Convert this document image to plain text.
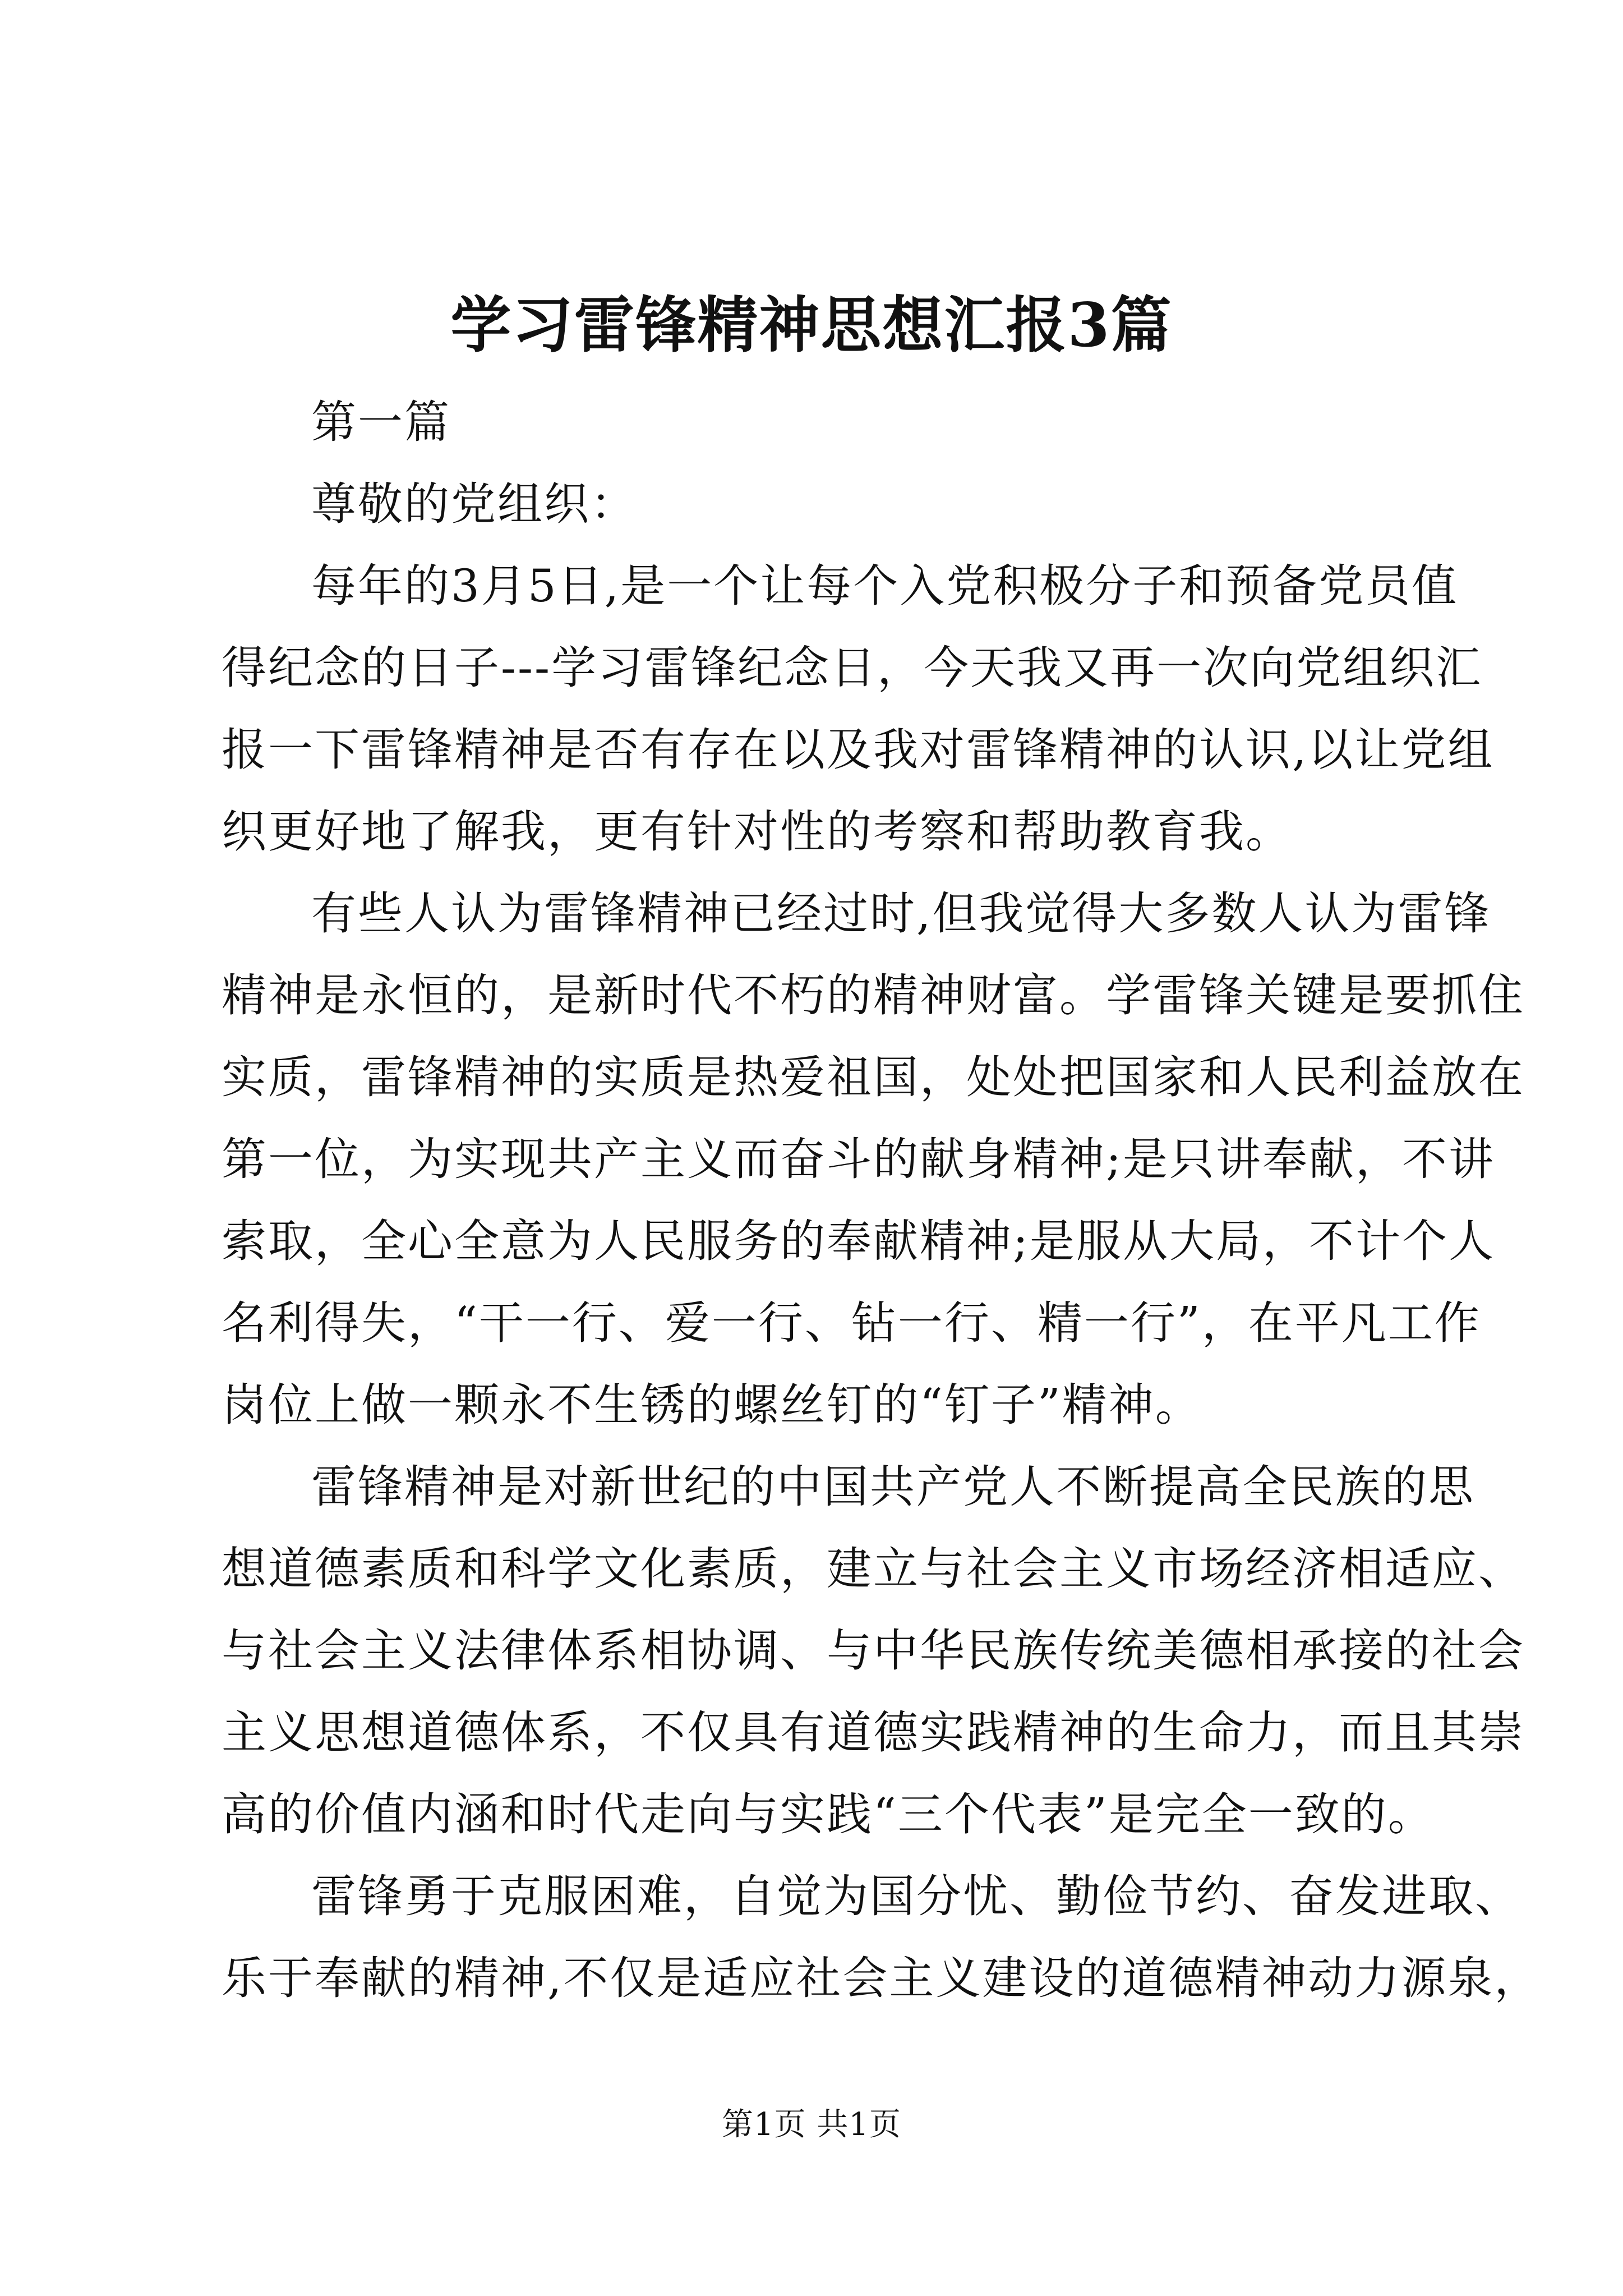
学习雷锋精神思想汇报3篇

第一篇

尊敬的党组织：

每年的3月5日,是一个让每个入党积极分子和预备党员值

得纪念的日子---学习雷锋纪念日，今天我又再一次向党组织汇

报一下雷锋精神是否有存在以及我对雷锋精神的认识,以让党组

织更好地了解我，更有针对性的考察和帮助教育我。

有些人认为雷锋精神已经过时,但我觉得大多数人认为雷锋

精神是永恒的，是新时代不朽的精神财富。学雷锋关键是要抓住

实质，雷锋精神的实质是热爱祖国，处处把国家和人民利益放在

第一位，为实现共产主义而奋斗的献身精神;是只讲奉献，不讲

索取，全心全意为人民服务的奉献精神;是服从大局，不计个人

名利得失，“干一行、爱一行、钻一行、精一行”，在平凡工作

岗位上做一颗永不生锈的螺丝钉的“钉子”精神。

雷锋精神是对新世纪的中国共产党人不断提高全民族的思

想道德素质和科学文化素质，建立与社会主义市场经济相适应、

与社会主义法律体系相协调、与中华民族传统美德相承接的社会

主义思想道德体系，不仅具有道德实践精神的生命力，而且其崇

高的价值内涵和时代走向与实践“三个代表”是完全一致的。

雷锋勇于克服困难，自觉为国分忧、勤俭节约、奋发进取、

乐于奉献的精神,不仅是适应社会主义建设的道德精神动力源泉，

第1页 共1页
